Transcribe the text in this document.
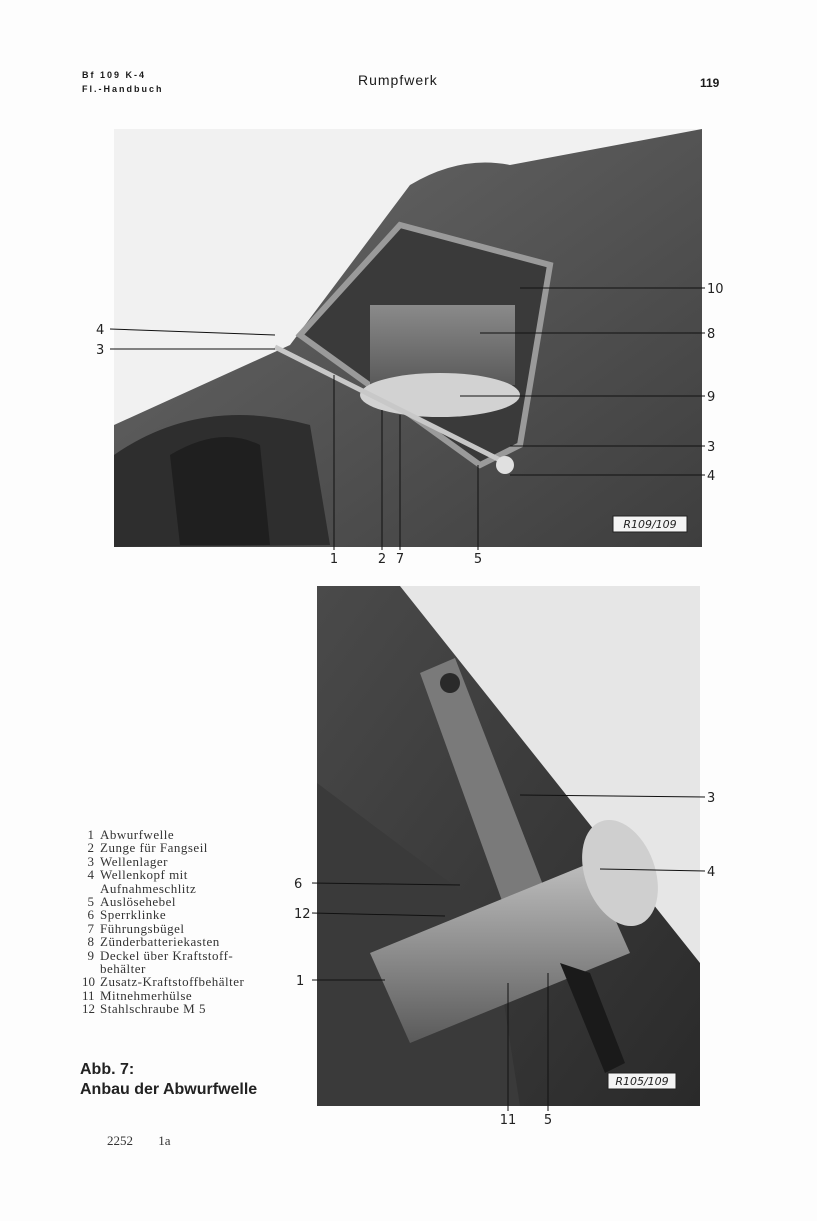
Bf 109 K-4
Fl.-Handbuch
Rumpfwerk	119
R109/109
10
8
9
3
4
4
3
1	2 7	5
R105/109
3
4
6
12
1
11 5
1 Abwurfwelle
2 Zunge für Fangseil
3 Wellenlager
4 Wellenkopf mit
Aufnahmeschlitz
5 Auslösehebel
6 Sperrklinke
7 Führungsbügel
8 Zünderbatteriekasten
9 Deckel über Kraftstoff-
behälter
10 Zusatz-Kraftstoffbehälter
11 Mitnehmerhülse
12 Stahlschraube M 5
Abb. 7:
Anbau der Abwurfwelle
2252 1a
